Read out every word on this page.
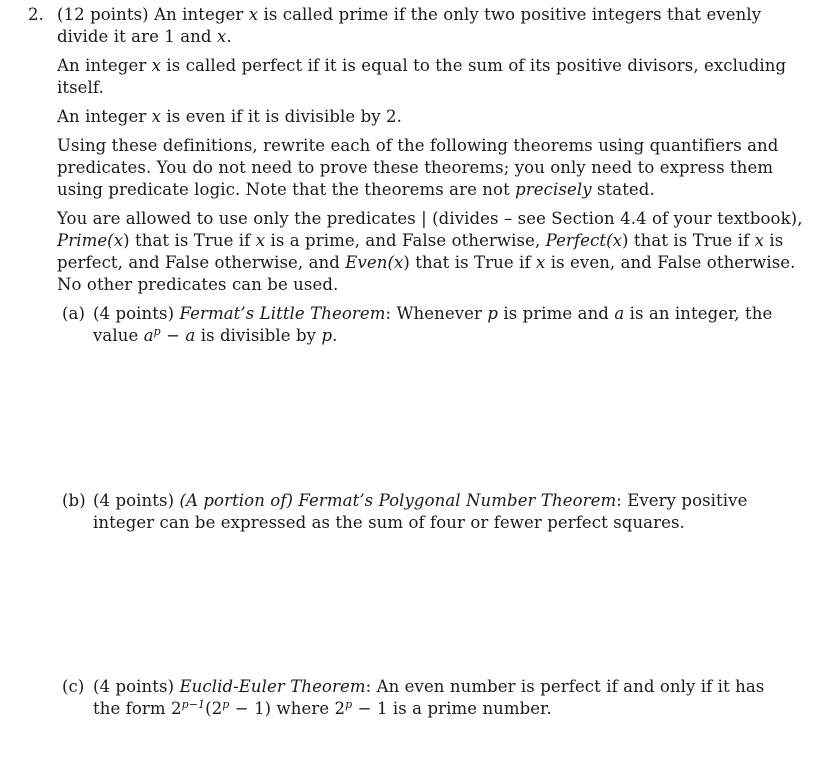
2. (12 points) An integer x is called prime if the only two positive integers that evenly
divide it are 1 and x.
An integer x is called perfect if it is equal to the sum of its positive divisors, excluding
itself.
An integer x is even if it is divisible by 2.
Using these definitions, rewrite each of the following theorems using quantifiers and
predicates. You do not need to prove these theorems; you only need to express them
using predicate logic. Note that the theorems are not precisely stated.
You are allowed to use only the predicates | (divides – see Section 4.4 of your textbook),
Prime(x) that is True if x is a prime, and False otherwise, Perfect(x) that is True if x is
perfect, and False otherwise, and Even(x) that is True if x is even, and False otherwise.
No other predicates can be used.
(a) (4 points) Fermat’s Little Theorem: Whenever p is prime and a is an integer, the
value $a^p - a$ is divisible by p.
(b) (4 points) (A portion of) Fermat’s Polygonal Number Theorem: Every positive
integer can be expressed as the sum of four or fewer perfect squares.
(c) (4 points) Euclid-Euler Theorem: An even number is perfect if and only if it has
the form $2^{p-1}(2^p - 1)$ where $2^p - 1$ is a prime number.
